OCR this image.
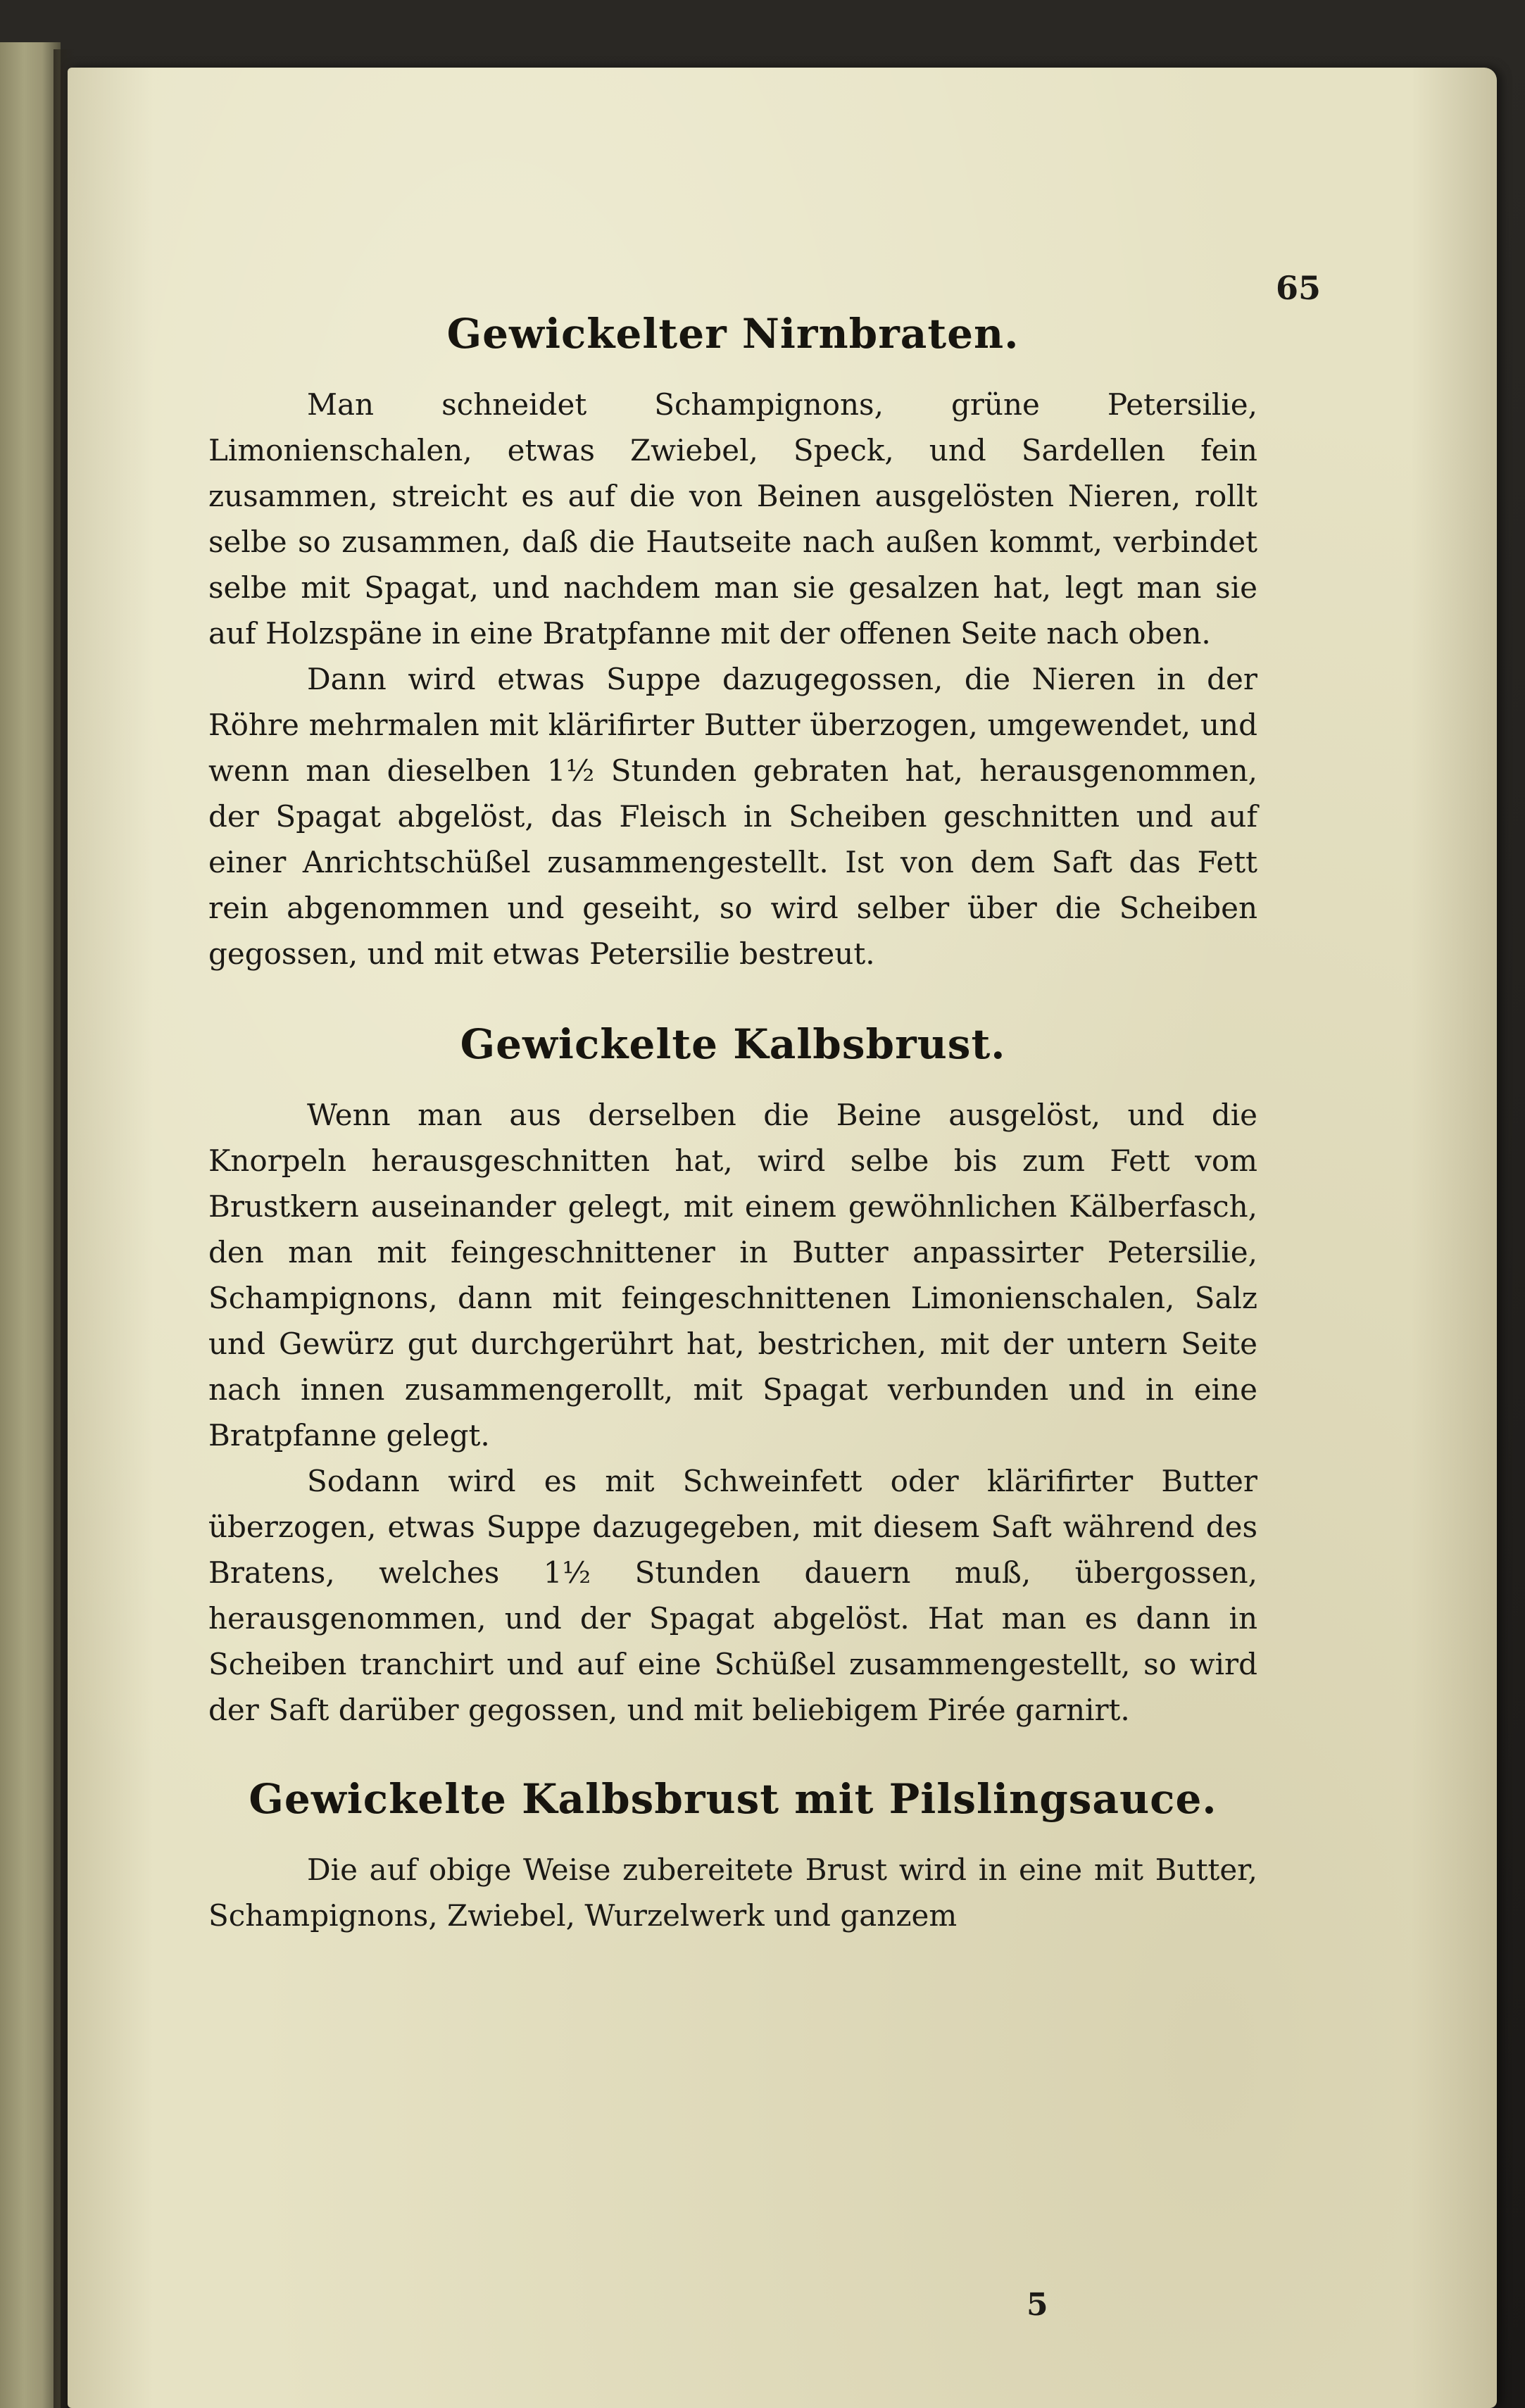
65
Gewickelter Nirnbraten.

Man schneidet Schampignons, grüne Petersilie, Limonienschalen, etwas Zwiebel, Speck, und Sardellen fein zusammen, streicht es auf die von Beinen ausgelösten Nieren, rollt selbe so zusammen, daß die Hautseite nach außen kommt, verbindet selbe mit Spagat, und nachdem man sie gesalzen hat, legt man sie auf Holzspäne in eine Bratpfanne mit der offenen Seite nach oben.

Dann wird etwas Suppe dazugegossen, die Nieren in der Röhre mehrmalen mit klärifirter Butter überzogen, umgewendet, und wenn man dieselben 1½ Stunden gebraten hat, herausgenommen, der Spagat abgelöst, das Fleisch in Scheiben geschnitten und auf einer Anrichtschüßel zusammengestellt. Ist von dem Saft das Fett rein abgenommen und geseiht, so wird selber über die Scheiben gegossen, und mit etwas Petersilie bestreut.

Gewickelte Kalbsbrust.

Wenn man aus derselben die Beine ausgelöst, und die Knorpeln herausgeschnitten hat, wird selbe bis zum Fett vom Brustkern auseinander gelegt, mit einem gewöhnlichen Kälberfasch, den man mit feingeschnittener in Butter anpassirter Petersilie, Schampignons, dann mit feingeschnittenen Limonienschalen, Salz und Gewürz gut durchgerührt hat, bestrichen, mit der untern Seite nach innen zusammengerollt, mit Spagat verbunden und in eine Bratpfanne gelegt.

Sodann wird es mit Schweinfett oder klärifirter Butter überzogen, etwas Suppe dazugegeben, mit diesem Saft während des Bratens, welches 1½ Stunden dauern muß, übergossen, herausgenommen, und der Spagat abgelöst. Hat man es dann in Scheiben tranchirt und auf eine Schüßel zusammengestellt, so wird der Saft darüber gegossen, und mit beliebigem Pirée garnirt.

Gewickelte Kalbsbrust mit Pilslingsauce.

Die auf obige Weise zubereitete Brust wird in eine mit Butter, Schampignons, Zwiebel, Wurzelwerk und ganzem

5
